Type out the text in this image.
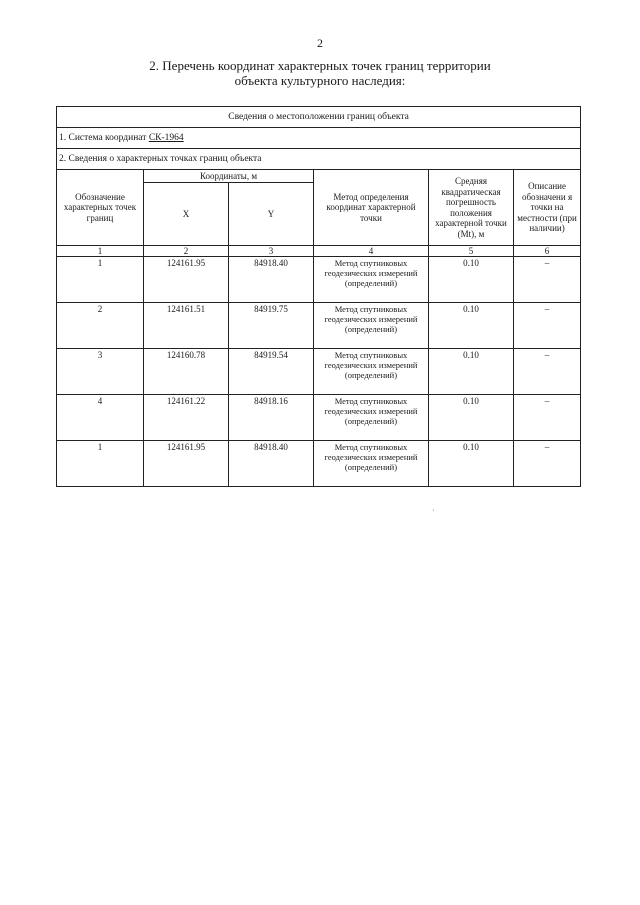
2
2. Перечень координат характерных точек границ территории
объекта культурного наследия:
Сведения о местоположении границ объекта					
1. Система координат СК-1964					
2. Сведения о характерных точках границ объекта					
Обозначение характерных точек границ	Координаты, м		Метод определения координат характерной точки	Средняя квадратическая погрешность положения характерной точки (Mt), м	Описание обозначени я точки на местности (при наличии)
	X	Y			
1	2	3	4	5	6
1	124161.95	84918.40	Метод спутниковых геодезических измерений (определений)	0.10	–
2	124161.51	84919.75	Метод спутниковых геодезических измерений (определений)	0.10	–
3	124160.78	84919.54	Метод спутниковых геодезических измерений (определений)	0.10	–
4	124161.22	84918.16	Метод спутниковых геодезических измерений (определений)	0.10	–
1	124161.95	84918.40	Метод спутниковых геодезических измерений (определений)	0.10	–
·
